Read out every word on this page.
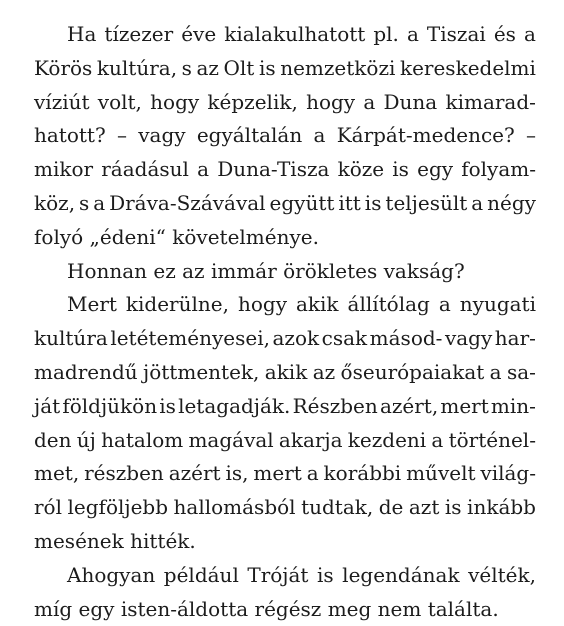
Ha tízezer éve kialakulhatott pl. a Tiszai és a
Körös kultúra, s az Olt is nemzetközi kereskedelmi
víziút volt, hogy képzelik, hogy a Duna kimarad-
hatott? – vagy egyáltalán a Kárpát-medence? –
mikor ráadásul a Duna-Tisza köze is egy folyam-
köz, s a Dráva-Szávával együtt itt is teljesült a négy
folyó „édeni“ követelménye.
Honnan ez az immár örökletes vakság?
Mert kiderülne, hogy akik állítólag a nyugati
kultúra letéteményesei, azok csak másod- vagy har-
madrendű jöttmentek, akik az őseurópaiakat a sa-
ját földjükön is letagadják. Részben azért, mert min-
den új hatalom magával akarja kezdeni a történel-
met, részben azért is, mert a korábbi művelt világ-
ról legföljebb hallomásból tudtak, de azt is inkább
mesének hitték.
Ahogyan például Tróját is legendának vélték,
míg egy isten-áldotta régész meg nem találta.
